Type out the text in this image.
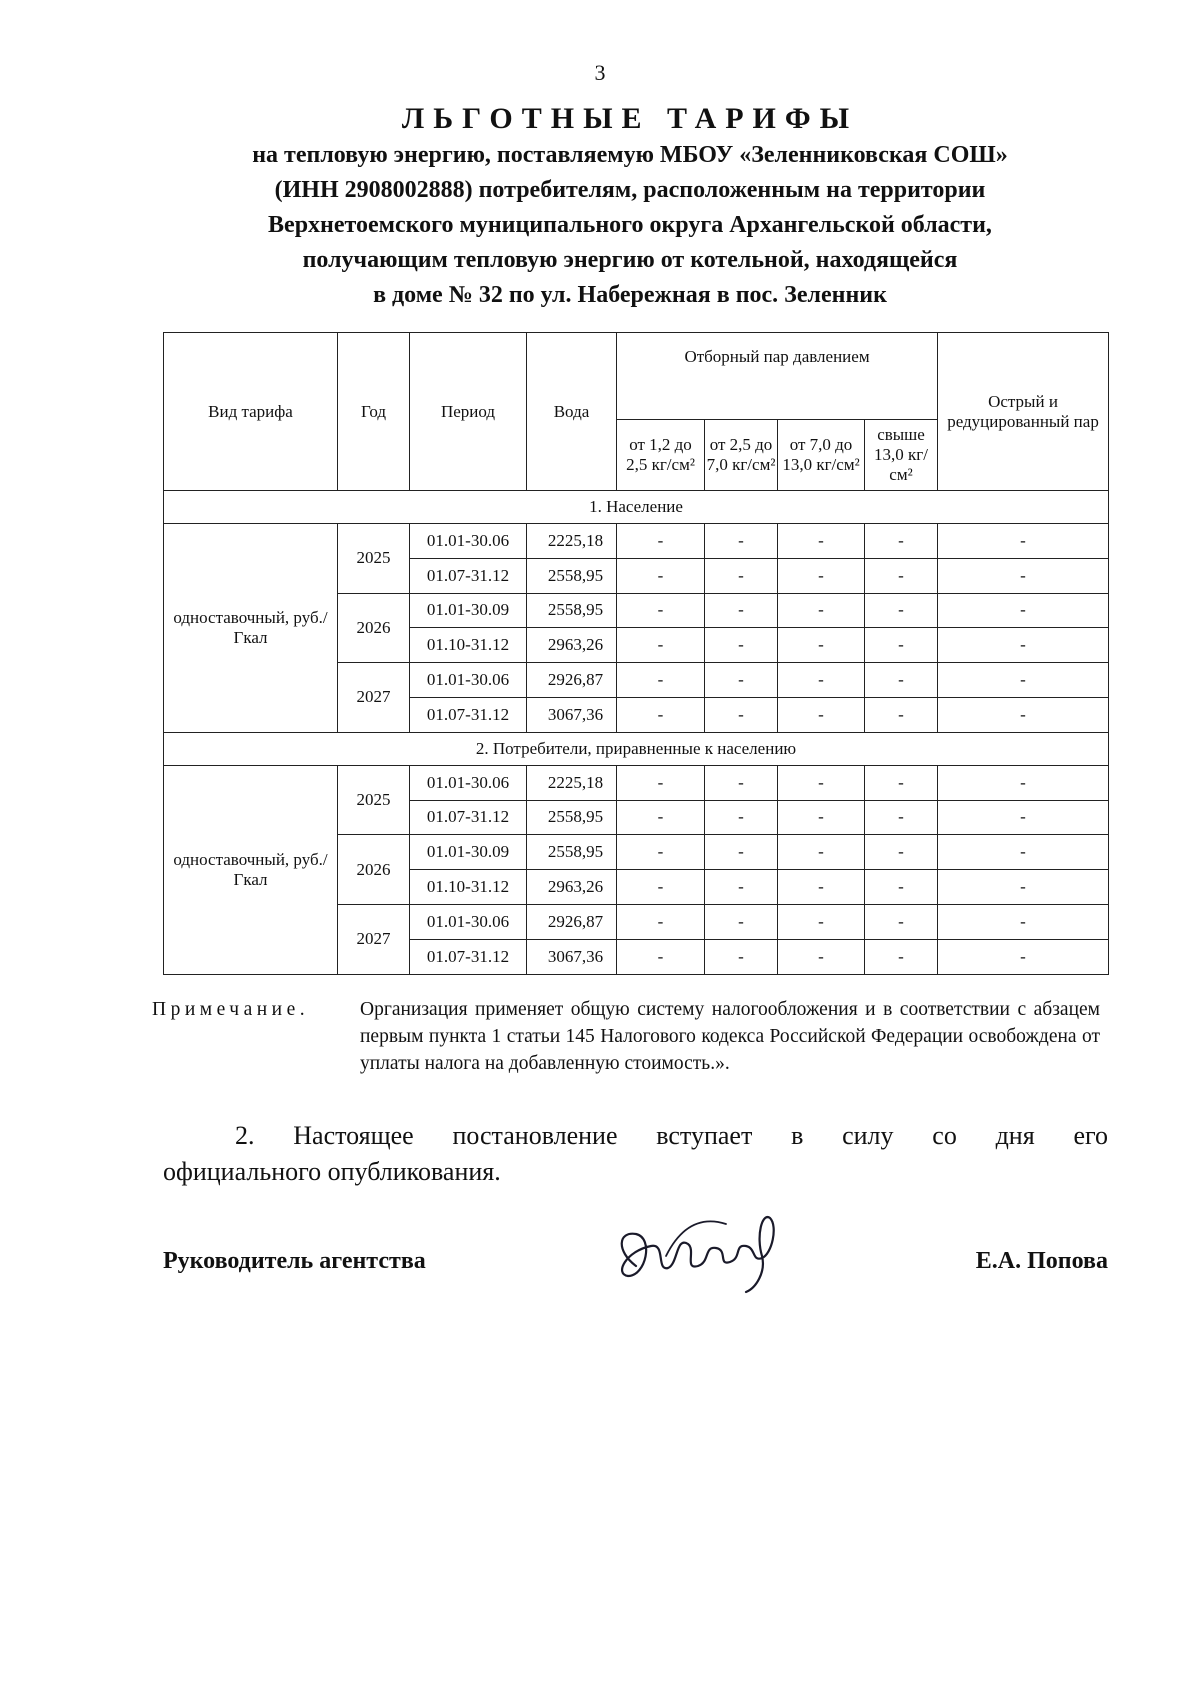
3
ЛЬГОТНЫЕ ТАРИФЫ
на тепловую энергию, поставляемую МБОУ «Зеленниковская СОШ»
(ИНН 2908002888) потребителям, расположенным на территории
Верхнетоемского муниципального округа Архангельской области,
получающим тепловую энергию от котельной, находящейся
в доме № 32 по ул. Набережная в пос. Зеленник
Вид тарифа	Год	Период	Вода	Отборный пар давлением				Острый и редуцированный пар
				от 1,2 до 2,5 кг/см²	от 2,5 до 7,0 кг/см²	от 7,0 до 13,0 кг/см²	свыше 13,0 кг/см²	
1. Население								
одноставочный, руб./Гкал	2025	01.01-30.06	2225,18	-	-	-	-	-
		01.07-31.12	2558,95	-	-	-	-	-
	2026	01.01-30.09	2558,95	-	-	-	-	-
		01.10-31.12	2963,26	-	-	-	-	-
	2027	01.01-30.06	2926,87	-	-	-	-	-
		01.07-31.12	3067,36	-	-	-	-	-
2. Потребители, приравненные к населению								
одноставочный, руб./Гкал	2025	01.01-30.06	2225,18	-	-	-	-	-
		01.07-31.12	2558,95	-	-	-	-	-
	2026	01.01-30.09	2558,95	-	-	-	-	-
		01.10-31.12	2963,26	-	-	-	-	-
	2027	01.01-30.06	2926,87	-	-	-	-	-
		01.07-31.12	3067,36	-	-	-	-	-
Примечание.	Организация применяет общую систему налогообложения и в соответствии с абзацем первым пункта 1 статьи 145 Налогового кодекса Российской Федерации освобождена от уплаты налога на добавленную стоимость.».
2. Настоящее постановление вступает в силу со дня его
официального опубликования.
Руководитель агентства	Е.А. Попова
